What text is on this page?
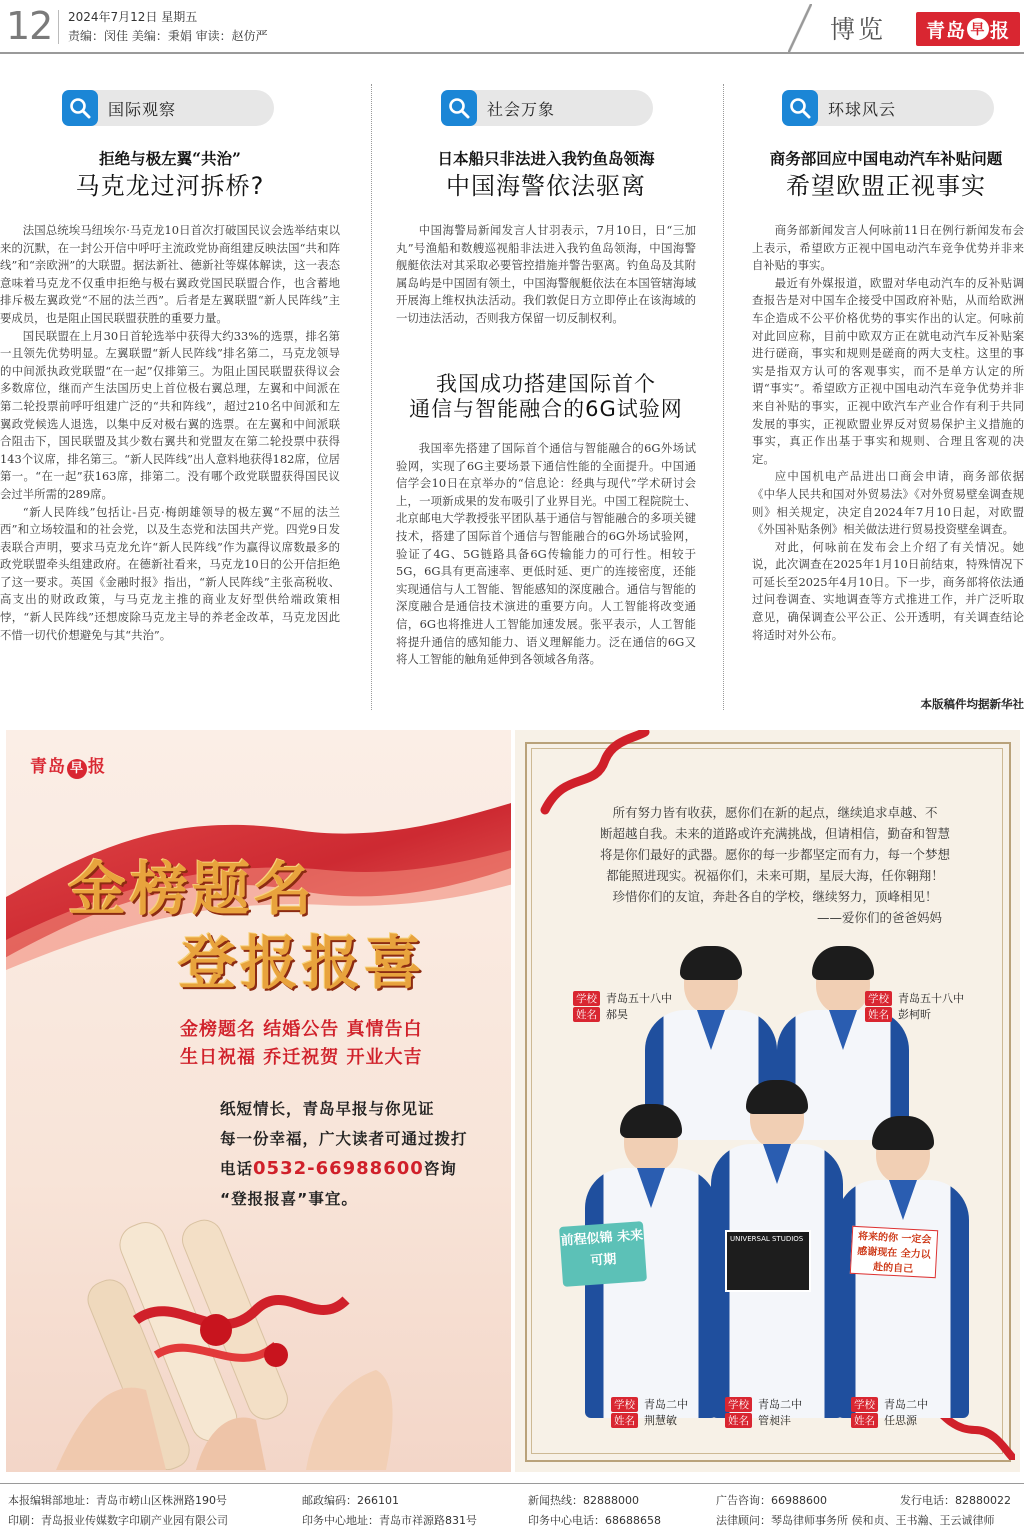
12 2024年7月12日 星期五
责编：闵佳 美编：秉娟 审读：赵仿严	博览 青岛 早 报
国际观察
拒绝与极左翼“共治”
马克龙过河拆桥?

法国总统埃马纽埃尔·马克龙10日首次打破国民议会选举结束以来的沉默，在一封公开信中呼吁主流政党协商组建反映法国“共和阵线”和“亲欧洲”的大联盟。据法新社、德新社等媒体解读，这一表态意味着马克龙不仅重申拒绝与极右翼政党国民联盟合作，也含蓄地排斥极左翼政党“不屈的法兰西”。后者是左翼联盟“新人民阵线”主要成员，也是阻止国民联盟获胜的重要力量。

国民联盟在上月30日首轮选举中获得大约33%的选票，排名第一且领先优势明显。左翼联盟“新人民阵线”排名第二，马克龙领导的中间派执政党联盟“在一起”仅排第三。为阻止国民联盟获得议会多数席位，继而产生法国历史上首位极右翼总理，左翼和中间派在第二轮投票前呼吁组建广泛的“共和阵线”，超过210名中间派和左翼政党候选人退选，以集中反对极右翼的选票。在左翼和中间派联合阻击下，国民联盟及其少数右翼共和党盟友在第二轮投票中获得143个议席，排名第三。“新人民阵线”出人意料地获得182席，位居第一。“在一起”获163席，排第二。没有哪个政党联盟获得国民议会过半所需的289席。

“新人民阵线”包括让-吕克·梅朗雄领导的极左翼“不屈的法兰西”和立场较温和的社会党，以及生态党和法国共产党。四党9日发表联合声明，要求马克龙允许“新人民阵线”作为赢得议席数最多的政党联盟牵头组建政府。在德新社看来，马克龙10日的公开信拒绝了这一要求。英国《金融时报》指出，“新人民阵线”主张高税收、高支出的财政政策，与马克龙主推的商业友好型供给端政策相悖，“新人民阵线”还想废除马克龙主导的养老金改革，马克龙因此不惜一切代价想避免与其“共治”。

社会万象
日本船只非法进入我钓鱼岛领海
中国海警依法驱离

中国海警局新闻发言人甘羽表示，7月10日，日“三加丸”号渔船和数艘巡视船非法进入我钓鱼岛领海，中国海警舰艇依法对其采取必要管控措施并警告驱离。钓鱼岛及其附属岛屿是中国固有领土，中国海警舰艇依法在本国管辖海域开展海上维权执法活动。我们敦促日方立即停止在该海域的一切违法活动，否则我方保留一切反制权利。

我国成功搭建国际首个
通信与智能融合的6G试验网

我国率先搭建了国际首个通信与智能融合的6G外场试验网，实现了6G主要场景下通信性能的全面提升。中国通信学会10日在京举办的“信息论：经典与现代”学术研讨会上，一项新成果的发布吸引了业界目光。中国工程院院士、北京邮电大学教授张平团队基于通信与智能融合的多项关键技术，搭建了国际首个通信与智能融合的6G外场试验网，验证了4G、5G链路具备6G传输能力的可行性。相较于5G，6G具有更高速率、更低时延、更广的连接密度，还能实现通信与人工智能、智能感知的深度融合。通信与智能的深度融合是通信技术演进的重要方向。人工智能将改变通信，6G也将推进人工智能加速发展。张平表示，人工智能将提升通信的感知能力、语义理解能力。泛在通信的6G又将人工智能的触角延伸到各领域各角落。

环球风云
商务部回应中国电动汽车补贴问题
希望欧盟正视事实

商务部新闻发言人何咏前11日在例行新闻发布会上表示，希望欧方正视中国电动汽车竞争优势并非来自补贴的事实。

最近有外媒报道，欧盟对华电动汽车的反补贴调查报告是对中国车企接受中国政府补贴，从而给欧洲车企造成不公平价格优势的事实作出的认定。何咏前对此回应称，目前中欧双方正在就电动汽车反补贴案进行磋商，事实和规则是磋商的两大支柱。这里的事实是指双方认可的客观事实，而不是单方认定的所谓“事实”。希望欧方正视中国电动汽车竞争优势并非来自补贴的事实，正视中欧汽车产业合作有利于共同发展的事实，正视欧盟业界反对贸易保护主义措施的事实，真正作出基于事实和规则、合理且客观的决定。

应中国机电产品进出口商会申请，商务部依据《中华人民共和国对外贸易法》《对外贸易壁垒调查规则》相关规定，决定自2024年7月10日起，对欧盟《外国补贴条例》相关做法进行贸易投资壁垒调查。

对此，何咏前在发布会上介绍了有关情况。她说，此次调查在2025年1月10日前结束，特殊情况下可延长至2025年4月10日。下一步，商务部将依法通过问卷调查、实地调查等方式推进工作，并广泛听取意见，确保调查公平公正、公开透明，有关调查结论将适时对外公布。

本版稿件均据新华社
青岛 早 报
金榜题名
登报报喜
金榜题名 结婚公告 真情告白
生日祝福 乔迁祝贺 开业大吉
纸短情长，青岛早报与你见证
每一份幸福，广大读者可通过拨打
电话0532-66988600咨询
“登报报喜”事宜。
所有努力皆有收获，愿你们在新的起点，继续追求卓越、不
断超越自我。未来的道路或许充满挑战，但请相信，勤奋和智慧
将是你们最好的武器。愿你的每一步都坚定而有力，每一个梦想
都能照进现实。祝福你们，未来可期，星辰大海，任你翱翔！
珍惜你们的友谊，奔赴各自的学校，继续努力，顶峰相见！
——爱你们的爸爸妈妈
学校 青岛五十八中
姓名 郝昊
学校 青岛五十八中
姓名 彭柯昕
前程似锦 未来可期
UNIVERSAL STUDIOS	将来的你 一定会感谢现在 全力以赴的自己
学校 青岛二中
姓名 荆慧敏
学校 青岛二中
姓名 管昶沣
学校 青岛二中
姓名 任思源
本报编辑部地址：青岛市崂山区株洲路190号	邮政编码：266101	新闻热线：82888000	广告咨询：66988600	发行电话：82880022
印刷：青岛报业传媒数字印刷产业园有限公司	印务中心地址：青岛市祥源路831号	印务中心电话：68688658	法律顾问：琴岛律师事务所 侯和贞、王书瀚、王云诚律师
